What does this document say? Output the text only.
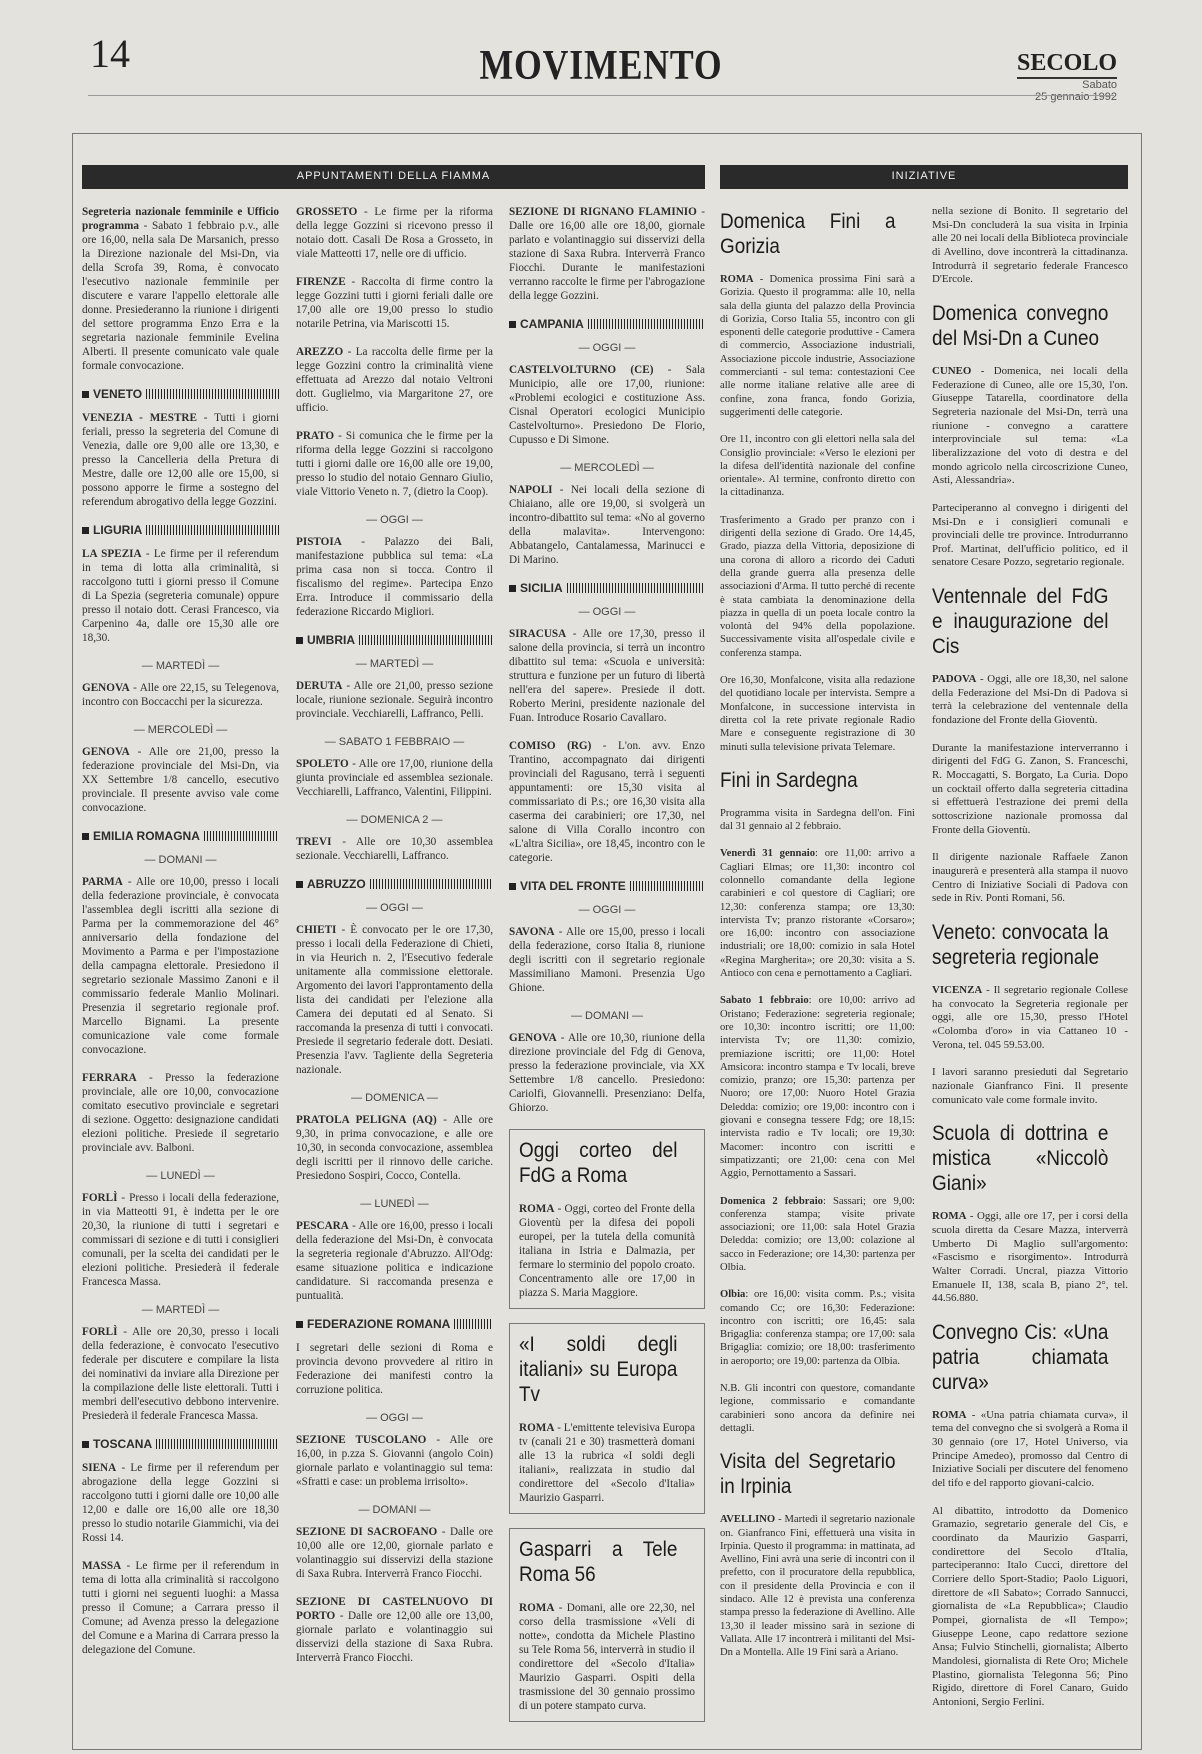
14	MOVIMENTO	SECOLO
Sabato
25 gennaio 1992
APPUNTAMENTI DELLA FIAMMA	INIZIATIVE

Segreteria nazionale femminile e Ufficio programma - Sabato 1 febbraio p.v., alle ore 16,00, nella sala De Marsanich, presso la Direzione nazionale del Msi-Dn, via della Scrofa 39, Roma, è convocato l'esecutivo nazionale femminile per discutere e varare l'appello elettorale alle donne. Presiederanno la riunione i dirigenti del settore programma Enzo Erra e la segretaria nazionale femminile Evelina Alberti. Il presente comunicato vale quale formale convocazione.

VENETO

VENEZIA - MESTRE - Tutti i giorni feriali, presso la segreteria del Comune di Venezia, dalle ore 9,00 alle ore 13,30, e presso la Cancelleria della Pretura di Mestre, dalle ore 12,00 alle ore 15,00, si possono apporre le firme a sostegno del referendum abrogativo della legge Gozzini.

LIGURIA

LA SPEZIA - Le firme per il referendum in tema di lotta alla criminalità, si raccolgono tutti i giorni presso il Comune di La Spezia (segreteria comunale) oppure presso il notaio dott. Cerasi Francesco, via Carpenino 4a, dalle ore 15,30 alle ore 18,30.

— MARTEDÌ —

GENOVA - Alle ore 22,15, su Telegenova, incontro con Boccacchi per la sicurezza.

— MERCOLEDÌ —

GENOVA - Alle ore 21,00, presso la federazione provinciale del Msi-Dn, via XX Settembre 1/8 cancello, esecutivo provinciale. Il presente avviso vale come convocazione.

EMILIA ROMAGNA
— DOMANI —

PARMA - Alle ore 10,00, presso i locali della federazione provinciale, è convocata l'assemblea degli iscritti alla sezione di Parma per la commemorazione del 46° anniversario della fondazione del Movimento a Parma e per l'impostazione della campagna elettorale. Presiedono il segretario sezionale Massimo Zanoni e il commissario federale Manlio Molinari. Presenzia il segretario regionale prof. Marcello Bignami. La presente comunicazione vale come formale convocazione.

FERRARA - Presso la federazione provinciale, alle ore 10,00, convocazione comitato esecutivo provinciale e segretari di sezione. Oggetto: designazione candidati elezioni politiche. Presiede il segretario provinciale avv. Balboni.

— LUNEDÌ —

FORLÌ - Presso i locali della federazione, in via Matteotti 91, è indetta per le ore 20,30, la riunione di tutti i segretari e commissari di sezione e di tutti i consiglieri comunali, per la scelta dei candidati per le elezioni politiche. Presiederà il federale Francesca Massa.

— MARTEDÌ —

FORLÌ - Alle ore 20,30, presso i locali della federazione, è convocato l'esecutivo federale per discutere e compilare la lista dei nominativi da inviare alla Direzione per la compilazione delle liste elettorali. Tutti i membri dell'esecutivo debbono intervenire. Presiederà il federale Francesca Massa.

TOSCANA

SIENA - Le firme per il referendum per abrogazione della legge Gozzini si raccolgono tutti i giorni dalle ore 10,00 alle 12,00 e dalle ore 16,00 alle ore 18,30 presso lo studio notarile Giammichi, via dei Rossi 14.

MASSA - Le firme per il referendum in tema di lotta alla criminalità si raccolgono tutti i giorni nei seguenti luoghi: a Massa presso il Comune; a Carrara presso il Comune; ad Avenza presso la delegazione del Comune e a Marina di Carrara presso la delegazione del Comune.

GROSSETO - Le firme per la riforma della legge Gozzini si ricevono presso il notaio dott. Casali De Rosa a Grosseto, in viale Matteotti 17, nelle ore di ufficio.

FIRENZE - Raccolta di firme contro la legge Gozzini tutti i giorni feriali dalle ore 17,00 alle ore 19,00 presso lo studio notarile Petrina, via Mariscotti 15.

AREZZO - La raccolta delle firme per la legge Gozzini contro la criminalità viene effettuata ad Arezzo dal notaio Veltroni dott. Guglielmo, via Margaritone 27, ore ufficio.

PRATO - Si comunica che le firme per la riforma della legge Gozzini si raccolgono tutti i giorni dalle ore 16,00 alle ore 19,00, presso lo studio del notaio Gennaro Giulio, viale Vittorio Veneto n. 7, (dietro la Coop).

— OGGI —

PISTOIA - Palazzo dei Bali, manifestazione pubblica sul tema: «La prima casa non si tocca. Contro il fiscalismo del regime». Partecipa Enzo Erra. Introduce il commissario della federazione Riccardo Migliori.

UMBRIA
— MARTEDÌ —

DERUTA - Alle ore 21,00, presso sezione locale, riunione sezionale. Seguirà incontro provinciale. Vecchiarelli, Laffranco, Pelli.

— SABATO 1 FEBBRAIO —

SPOLETO - Alle ore 17,00, riunione della giunta provinciale ed assemblea sezionale. Vecchiarelli, Laffranco, Valentini, Filippini.

— DOMENICA 2 —

TREVI - Alle ore 10,30 assemblea sezionale. Vecchiarelli, Laffranco.

ABRUZZO
— OGGI —

CHIETI - È convocato per le ore 17,30, presso i locali della Federazione di Chieti, in via Heurich n. 2, l'Esecutivo federale unitamente alla commissione elettorale. Argomento dei lavori l'approntamento della lista dei candidati per l'elezione alla Camera dei deputati ed al Senato. Si raccomanda la presenza di tutti i convocati. Presiede il segretario federale dott. Desiati. Presenzia l'avv. Tagliente della Segreteria nazionale.

— DOMENICA —

PRATOLA PELIGNA (AQ) - Alle ore 9,30, in prima convocazione, e alle ore 10,30, in seconda convocazione, assemblea degli iscritti per il rinnovo delle cariche. Presiedono Sospiri, Cocco, Contella.

— LUNEDÌ —

PESCARA - Alle ore 16,00, presso i locali della federazione del Msi-Dn, è convocata la segreteria regionale d'Abruzzo. All'Odg: esame situazione politica e indicazione candidature. Si raccomanda presenza e puntualità.

FEDERAZIONE ROMANA

I segretari delle sezioni di Roma e provincia devono provvedere al ritiro in Federazione dei manifesti contro la corruzione politica.

— OGGI —

SEZIONE TUSCOLANO - Alle ore 16,00, in p.zza S. Giovanni (angolo Coin) giornale parlato e volantinaggio sul tema: «Sfratti e case: un problema irrisolto».

— DOMANI —

SEZIONE DI SACROFANO - Dalle ore 10,00 alle ore 12,00, giornale parlato e volantinaggio sui disservizi della stazione di Saxa Rubra. Interverrà Franco Fiocchi.

SEZIONE DI CASTELNUOVO DI PORTO - Dalle ore 12,00 alle ore 13,00, giornale parlato e volantinaggio sui disservizi della stazione di Saxa Rubra. Interverrà Franco Fiocchi.

SEZIONE DI RIGNANO FLAMINIO - Dalle ore 16,00 alle ore 18,00, giornale parlato e volantinaggio sui disservizi della stazione di Saxa Rubra. Interverrà Franco Fiocchi. Durante le manifestazioni verranno raccolte le firme per l'abrogazione della legge Gozzini.

CAMPANIA
— OGGI —

CASTELVOLTURNO (CE) - Sala Municipio, alle ore 17,00, riunione: «Problemi ecologici e costituzione Ass. Cisnal Operatori ecologici Municipio Castelvolturno». Presiedono De Florio, Cupusso e Di Simone.

— MERCOLEDÌ —

NAPOLI - Nei locali della sezione di Chiaiano, alle ore 19,00, si svolgerà un incontro-dibattito sul tema: «No al governo della malavita». Intervengono: Abbatangelo, Cantalamessa, Marinucci e Di Marino.

SICILIA
— OGGI —

SIRACUSA - Alle ore 17,30, presso il salone della provincia, si terrà un incontro dibattito sul tema: «Scuola e università: struttura e funzione per un futuro di libertà nell'era del sapere». Presiede il dott. Roberto Merini, presidente nazionale del Fuan. Introduce Rosario Cavallaro.

COMISO (RG) - L'on. avv. Enzo Trantino, accompagnato dai dirigenti provinciali del Ragusano, terrà i seguenti appuntamenti: ore 15,30 visita al commissariato di P.s.; ore 16,30 visita alla caserma dei carabinieri; ore 17,30, nel salone di Villa Corallo incontro con «L'altra Sicilia», ore 18,45, incontro con le categorie.

VITA DEL FRONTE
— OGGI —

SAVONA - Alle ore 15,00, presso i locali della federazione, corso Italia 8, riunione degli iscritti con il segretario regionale Massimiliano Mamoni. Presenzia Ugo Ghione.

— DOMANI —

GENOVA - Alle ore 10,30, riunione della direzione provinciale del Fdg di Genova, presso la federazione provinciale, via XX Settembre 1/8 cancello. Presiedono: Cariolfi, Giovannelli. Presenziano: Delfa, Ghiorzo.

Oggi corteo del FdG a Roma

ROMA - Oggi, corteo del Fronte della Gioventù per la difesa dei popoli europei, per la tutela della comunità italiana in Istria e Dalmazia, per fermare lo sterminio del popolo croato. Concentramento alle ore 17,00 in piazza S. Maria Maggiore.

«I soldi degli italiani» su Europa Tv

ROMA - L'emittente televisiva Europa tv (canali 21 e 30) trasmetterà domani alle 13 la rubrica «I soldi degli italiani», realizzata in studio dal condirettore del «Secolo d'Italia» Maurizio Gasparri.

Gasparri a Tele Roma 56

ROMA - Domani, alle ore 22,30, nel corso della trasmissione «Veli di notte», condotta da Michele Plastino su Tele Roma 56, interverrà in studio il condirettore del «Secolo d'Italia» Maurizio Gasparri. Ospiti della trasmissione del 30 gennaio prossimo di un potere stampato curva.

Domenica Fini a Gorizia

ROMA - Domenica prossima Fini sarà a Gorizia. Questo il programma: alle 10, nella sala della giunta del palazzo della Provincia di Gorizia, Corso Italia 55, incontro con gli esponenti delle categorie produttive - Camera di commercio, Associazione industriali, Associazione piccole industrie, Associazione commercianti - sul tema: contestazioni Cee alle norme italiane relative alle aree di confine, zona franca, fondo Gorizia, suggerimenti delle categorie.

Ore 11, incontro con gli elettori nella sala del Consiglio provinciale: «Verso le elezioni per la difesa dell'identità nazionale del confine orientale». Al termine, confronto diretto con la cittadinanza.

Trasferimento a Grado per pranzo con i dirigenti della sezione di Grado. Ore 14,45, Grado, piazza della Vittoria, deposizione di una corona di alloro a ricordo dei Caduti della grande guerra alla presenza delle associazioni d'Arma. Il tutto perché di recente è stata cambiata la denominazione della piazza in quella di un poeta locale contro la volontà del 94% della popolazione. Successivamente visita all'ospedale civile e conferenza stampa.

Ore 16,30, Monfalcone, visita alla redazione del quotidiano locale per intervista. Sempre a Monfalcone, in successione intervista in diretta col la rete private regionale Radio Mare e conseguente registrazione di 30 minuti sulla televisione privata Telemare.

Fini in Sardegna

Programma visita in Sardegna dell'on. Fini dal 31 gennaio al 2 febbraio.

Venerdì 31 gennaio: ore 11,00: arrivo a Cagliari Elmas; ore 11,30: incontro col colonnello comandante della legione carabinieri e col questore di Cagliari; ore 12,30: conferenza stampa; ore 13,30: intervista Tv; pranzo ristorante «Corsaro»; ore 16,00: incontro con associazione industriali; ore 18,00: comizio in sala Hotel «Regina Margherita»; ore 20,30: visita a S. Antioco con cena e pernottamento a Cagliari.

Sabato 1 febbraio: ore 10,00: arrivo ad Oristano; Federazione: segreteria regionale; ore 10,30: incontro iscritti; ore 11,00: intervista Tv; ore 11,30: comizio, premiazione iscritti; ore 11,00: Hotel Amsicora: incontro stampa e Tv locali, breve comizio, pranzo; ore 15,30: partenza per Nuoro; ore 17,00: Nuoro Hotel Grazia Deledda: comizio; ore 19,00: incontro con i giovani e consegna tessere Fdg; ore 18,15: intervista radio e Tv locali; ore 19,30: Macomer: incontro con iscritti e simpatizzanti; ore 21,00: cena con Mel Aggio, Pernottamento a Sassari.

Domenica 2 febbraio: Sassari; ore 9,00: conferenza stampa; visite private associazioni; ore 11,00: sala Hotel Grazia Deledda: comizio; ore 13,00: colazione al sacco in Federazione; ore 14,30: partenza per Olbia.

Olbia: ore 16,00: visita comm. P.s.; visita comando Cc; ore 16,30: Federazione: incontro con iscritti; ore 16,45: sala Brigaglia: conferenza stampa; ore 17,00: sala Brigaglia: comizio; ore 18,00: trasferimento in aeroporto; ore 19,00: partenza da Olbia.

N.B. Gli incontri con questore, comandante legione, commissario e comandante carabinieri sono ancora da definire nei dettagli.

Visita del Segretario in Irpinia

AVELLINO - Martedì il segretario nazionale on. Gianfranco Fini, effettuerà una visita in Irpinia. Questo il programma: in mattinata, ad Avellino, Fini avrà una serie di incontri con il prefetto, con il procuratore della repubblica, con il presidente della Provincia e con il sindaco. Alle 12 è prevista una conferenza stampa presso la federazione di Avellino. Alle 13,30 il leader missino sarà in sezione di Vallata. Alle 17 incontrerà i militanti del Msi-Dn a Montella. Alle 19 Fini sarà a Ariano.

nella sezione di Bonito. Il segretario del Msi-Dn concluderà la sua visita in Irpinia alle 20 nei locali della Biblioteca provinciale di Avellino, dove incontrerà la cittadinanza. Introdurrà il segretario federale Francesco D'Ercole.

Domenica convegno del Msi-Dn a Cuneo

CUNEO - Domenica, nei locali della Federazione di Cuneo, alle ore 15,30, l'on. Giuseppe Tatarella, coordinatore della Segreteria nazionale del Msi-Dn, terrà una riunione - convegno a carattere interprovinciale sul tema: «La liberalizzazione del voto di destra e del mondo agricolo nella circoscrizione Cuneo, Asti, Alessandria».

Parteciperanno al convegno i dirigenti del Msi-Dn e i consiglieri comunali e provinciali delle tre province. Introdurranno Prof. Martinat, dell'ufficio politico, ed il senatore Cesare Pozzo, segretario regionale.

Ventennale del FdG e inaugurazione del Cis

PADOVA - Oggi, alle ore 18,30, nel salone della Federazione del Msi-Dn di Padova si terrà la celebrazione del ventennale della fondazione del Fronte della Gioventù.

Durante la manifestazione interverranno i dirigenti del FdG G. Zanon, S. Franceschi, R. Moccagatti, S. Borgato, La Curia. Dopo un cocktail offerto dalla segreteria cittadina si effettuerà l'estrazione dei premi della sottoscrizione nazionale promossa dal Fronte della Gioventù.

Il dirigente nazionale Raffaele Zanon inaugurerà e presenterà alla stampa il nuovo Centro di Iniziative Sociali di Padova con sede in Riv. Ponti Romani, 56.

Veneto: convocata la segreteria regionale

VICENZA - Il segretario regionale Collese ha convocato la Segreteria regionale per oggi, alle ore 15,30, presso l'Hotel «Colomba d'oro» in via Cattaneo 10 - Verona, tel. 045 59.53.00.

I lavori saranno presieduti dal Segretario nazionale Gianfranco Fini. Il presente comunicato vale come formale invito.

Scuola di dottrina e mistica «Niccolò Giani»

ROMA - Oggi, alle ore 17, per i corsi della scuola diretta da Cesare Mazza, interverrà Umberto Di Maglio sull'argomento: «Fascismo e risorgimento». Introdurrà Walter Corradi. Uncral, piazza Vittorio Emanuele II, 138, scala B, piano 2°, tel. 44.56.880.

Convegno Cis: «Una patria chiamata curva»

ROMA - «Una patria chiamata curva», il tema del convegno che si svolgerà a Roma il 30 gennaio (ore 17, Hotel Universo, via Principe Amedeo), promosso dal Centro di Iniziative Sociali per discutere del fenomeno del tifo e del rapporto giovani-calcio.

Al dibattito, introdotto da Domenico Gramazio, segretario generale del Cis, e coordinato da Maurizio Gasparri, condirettore del Secolo d'Italia, parteciperanno: Italo Cucci, direttore del Corriere dello Sport-Stadio; Paolo Liguori, direttore de «Il Sabato»; Corrado Sannucci, giornalista de «La Repubblica»; Claudio Pompei, giornalista de «Il Tempo»; Giuseppe Leone, capo redattore sezione Ansa; Fulvio Stinchelli, giornalista; Alberto Mandolesi, giornalista di Rete Oro; Michele Plastino, giornalista Telegonna 56; Pino Rigido, direttore di Forel Canaro, Guido Antonioni, Sergio Ferlini.
